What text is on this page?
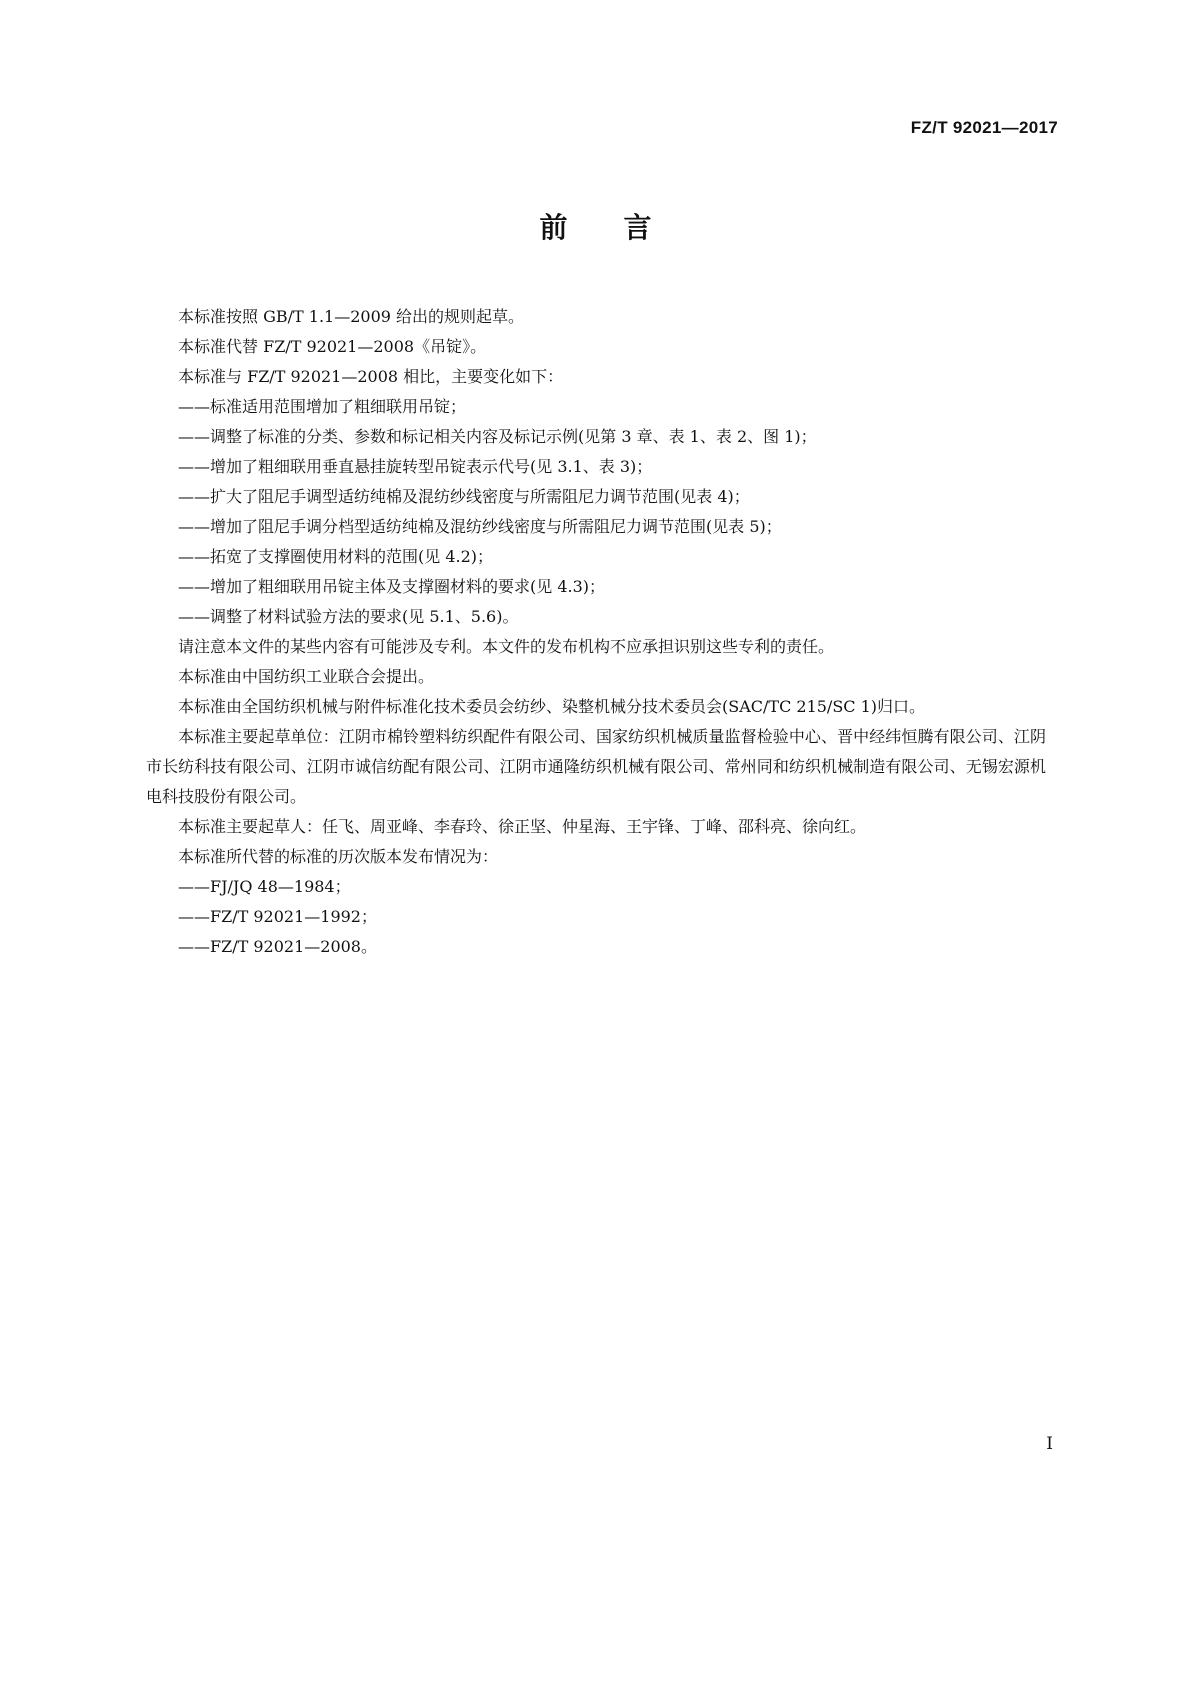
FZ/T 92021—2017
前言

本标准按照 GB/T 1.1—2009 给出的规则起草。

本标准代替 FZ/T 92021—2008《吊锭》。

本标准与 FZ/T 92021—2008 相比，主要变化如下：

——标准适用范围增加了粗细联用吊锭；

——调整了标准的分类、参数和标记相关内容及标记示例(见第 3 章、表 1、表 2、图 1)；

——增加了粗细联用垂直悬挂旋转型吊锭表示代号(见 3.1、表 3)；

——扩大了阻尼手调型适纺纯棉及混纺纱线密度与所需阻尼力调节范围(见表 4)；

——增加了阻尼手调分档型适纺纯棉及混纺纱线密度与所需阻尼力调节范围(见表 5)；

——拓宽了支撑圈使用材料的范围(见 4.2)；

——增加了粗细联用吊锭主体及支撑圈材料的要求(见 4.3)；

——调整了材料试验方法的要求(见 5.1、5.6)。

请注意本文件的某些内容有可能涉及专利。本文件的发布机构不应承担识别这些专利的责任。

本标准由中国纺织工业联合会提出。

本标准由全国纺织机械与附件标准化技术委员会纺纱、染整机械分技术委员会(SAC/TC 215/SC 1)归口。

本标准主要起草单位：江阴市棉铃塑料纺织配件有限公司、国家纺织机械质量监督检验中心、晋中经纬恒腾有限公司、江阴市长纺科技有限公司、江阴市诚信纺配有限公司、江阴市通隆纺织机械有限公司、常州同和纺织机械制造有限公司、无锡宏源机电科技股份有限公司。

本标准主要起草人：任飞、周亚峰、李春玲、徐正坚、仲星海、王宇锋、丁峰、邵科亮、徐向红。

本标准所代替的标准的历次版本发布情况为：

——FJ/JQ 48—1984；

——FZ/T 92021—1992；

——FZ/T 92021—2008。

I
